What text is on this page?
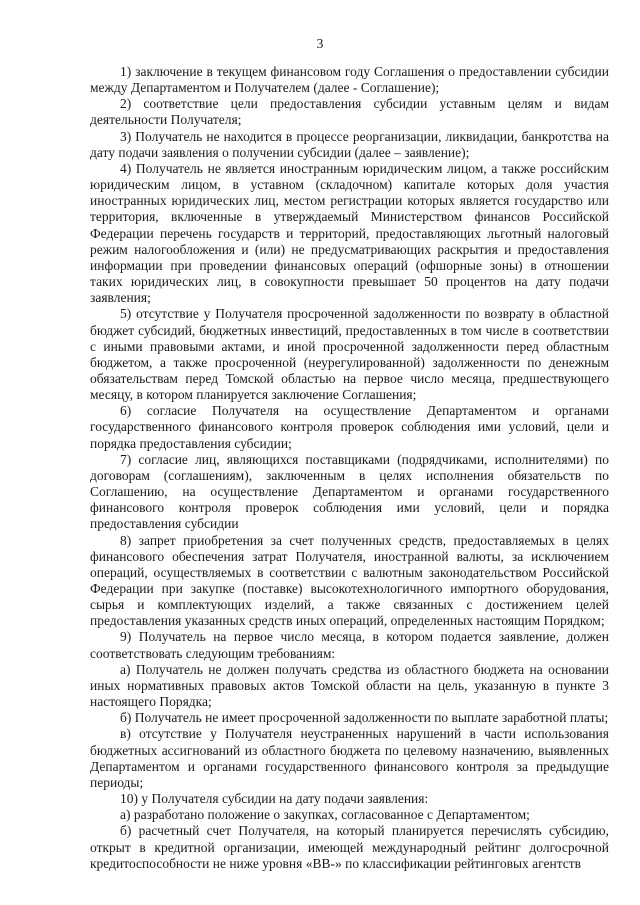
3

1) заключение в текущем финансовом году Соглашения о предоставлении субсидии между Департаментом и Получателем (далее - Соглашение);

2) соответствие цели предоставления субсидии уставным целям и видам деятельности Получателя;

3) Получатель не находится в процессе реорганизации, ликвидации, банкротства на дату подачи заявления о получении субсидии (далее – заявление);

4) Получатель не является иностранным юридическим лицом, а также российским юридическим лицом, в уставном (складочном) капитале которых доля участия иностранных юридических лиц, местом регистрации которых является государство или территория, включенные в утверждаемый Министерством финансов Российской Федерации перечень государств и территорий, предоставляющих льготный налоговый режим налогообложения и (или) не предусматривающих раскрытия и предоставления информации при проведении финансовых операций (офшорные зоны) в отношении таких юридических лиц, в совокупности превышает 50 процентов на дату подачи заявления;

5) отсутствие у Получателя просроченной задолженности по возврату в областной бюджет субсидий, бюджетных инвестиций, предоставленных в том числе в соответствии с иными правовыми актами, и иной просроченной задолженности перед областным бюджетом, а также просроченной (неурегулированной) задолженности по денежным обязательствам перед Томской областью на первое число месяца, предшествующего месяцу, в котором планируется заключение Соглашения;

6) согласие Получателя на осуществление Департаментом и органами государственного финансового контроля проверок соблюдения ими условий, цели и порядка предоставления субсидии;

7) согласие лиц, являющихся поставщиками (подрядчиками, исполнителями) по договорам (соглашениям), заключенным в целях исполнения обязательств по Соглашению, на осуществление Департаментом и органами государственного финансового контроля проверок соблюдения ими условий, цели и порядка предоставления субсидии

8) запрет приобретения за счет полученных средств, предоставляемых в целях финансового обеспечения затрат Получателя, иностранной валюты, за исключением операций, осуществляемых в соответствии с валютным законодательством Российской Федерации при закупке (поставке) высокотехнологичного импортного оборудования, сырья и комплектующих изделий, а также связанных с достижением целей предоставления указанных средств иных операций, определенных настоящим Порядком;

9) Получатель на первое число месяца, в котором подается заявление, должен соответствовать следующим требованиям:

а) Получатель не должен получать средства из областного бюджета на основании иных нормативных правовых актов Томской области на цель, указанную в пункте 3 настоящего Порядка;

б) Получатель не имеет просроченной задолженности по выплате заработной платы;

в) отсутствие у Получателя неустраненных нарушений в части использования бюджетных ассигнований из областного бюджета по целевому назначению, выявленных Департаментом и органами государственного финансового контроля за предыдущие периоды;

10) у Получателя субсидии на дату подачи заявления:

а) разработано положение о закупках, согласованное с Департаментом;

б) расчетный счет Получателя, на который планируется перечислять субсидию, открыт в кредитной организации, имеющей международный рейтинг долгосрочной кредитоспособности не ниже уровня «BB-» по классификации рейтинговых агентств
